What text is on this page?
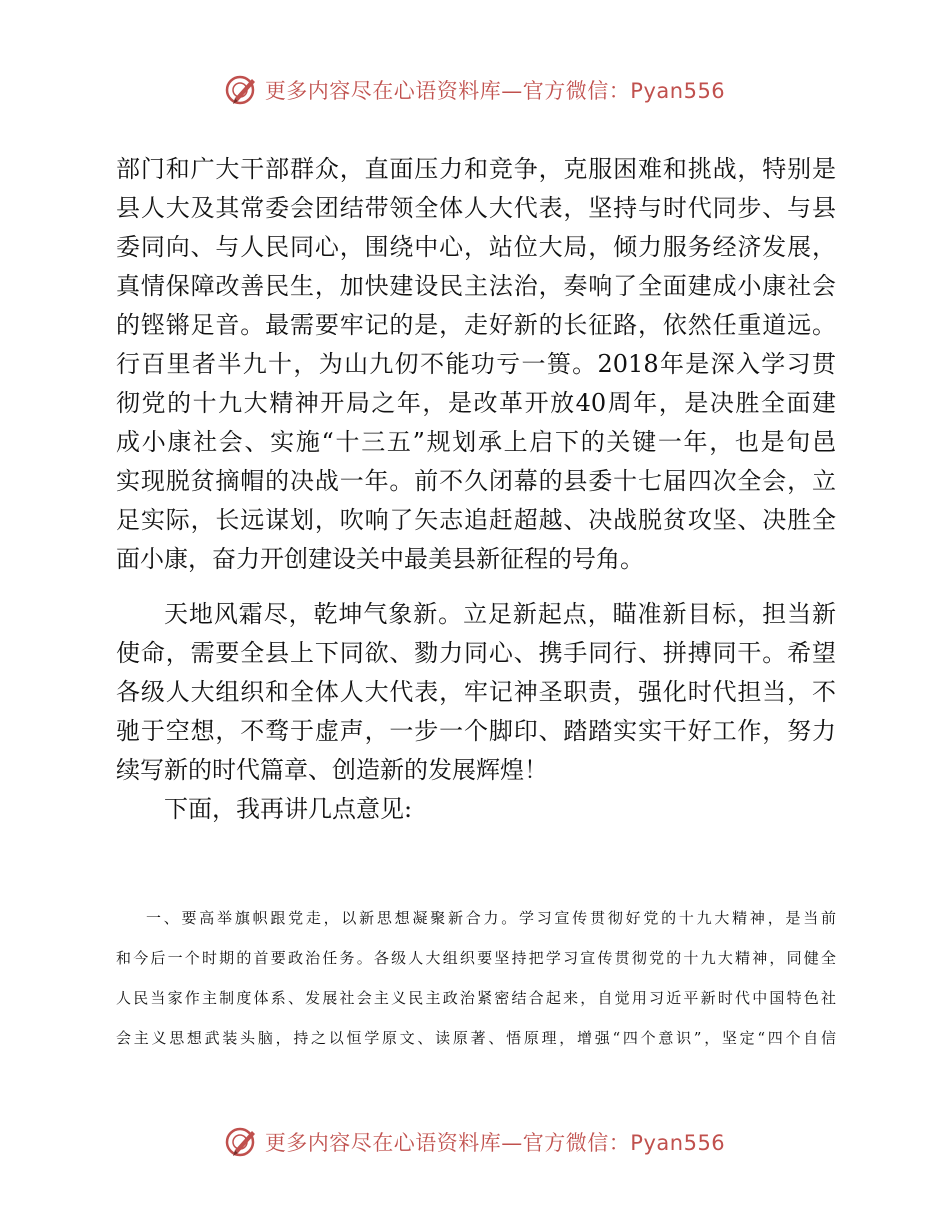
更多内容尽在心语资料库—官方微信：Pyan556
部门和广大干部群众，直面压力和竞争，克服困难和挑战，特别是
县人大及其常委会团结带领全体人大代表，坚持与时代同步、与县
委同向、与人民同心，围绕中心，站位大局，倾力服务经济发展，
真情保障改善民生，加快建设民主法治，奏响了全面建成小康社会
的铿锵足音。最需要牢记的是，走好新的长征路，依然任重道远。
行百里者半九十，为山九仞不能功亏一篑。2018年是深入学习贯
彻党的十九大精神开局之年，是改革开放40周年，是决胜全面建
成小康社会、实施“十三五”规划承上启下的关键一年，也是旬邑
实现脱贫摘帽的决战一年。前不久闭幕的县委十七届四次全会，立
足实际，长远谋划，吹响了矢志追赶超越、决战脱贫攻坚、决胜全
面小康，奋力开创建设关中最美县新征程的号角。
天地风霜尽，乾坤气象新。立足新起点，瞄准新目标，担当新
使命，需要全县上下同欲、勠力同心、携手同行、拼搏同干。希望
各级人大组织和全体人大代表，牢记神圣职责，强化时代担当，不
驰于空想，不骛于虚声，一步一个脚印、踏踏实实干好工作，努力
续写新的时代篇章、创造新的发展辉煌！
下面，我再讲几点意见:
一、要高举旗帜跟党走，以新思想凝聚新合力。学习宣传贯彻好党的十九大精神，是当前
和今后一个时期的首要政治任务。各级人大组织要坚持把学习宣传贯彻党的十九大精神，同健全
人民当家作主制度体系、发展社会主义民主政治紧密结合起来，自觉用习近平新时代中国特色社
会主义思想武装头脑，持之以恒学原文、读原著、悟原理，增强“四个意识”，坚定“四个自信
更多内容尽在心语资料库—官方微信：Pyan556
